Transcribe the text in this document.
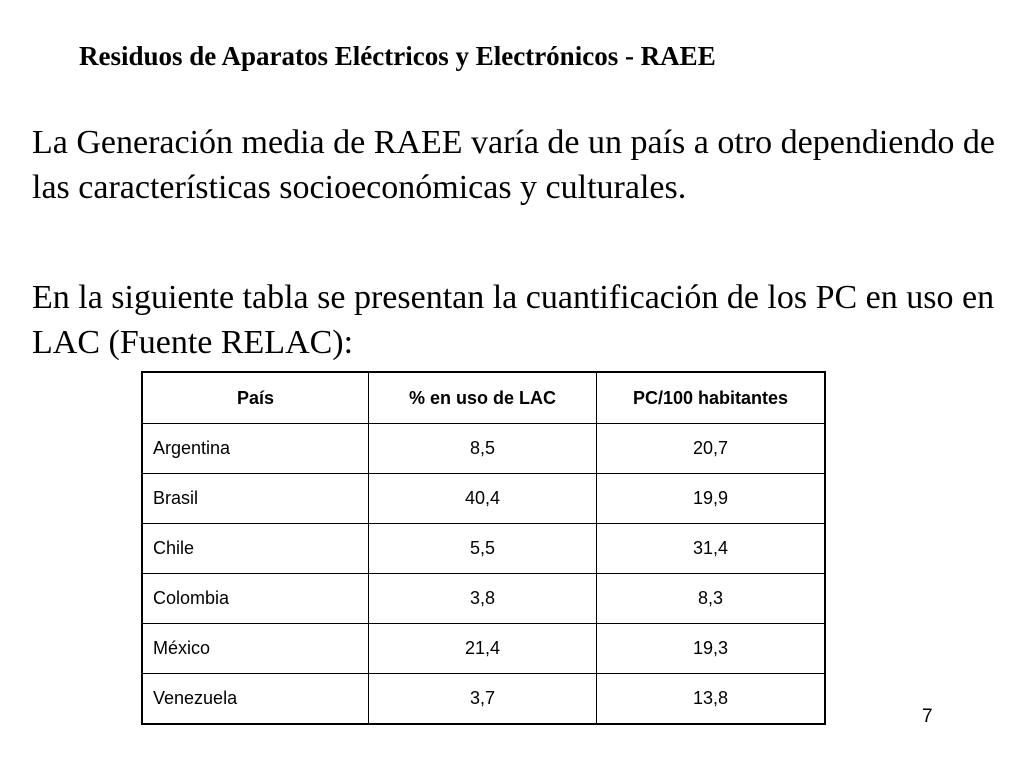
Residuos de Aparatos Eléctricos y Electrónicos - RAEE

La Generación media de RAEE varía de un país a otro dependiendo de las características socioeconómicas y culturales.

En la siguiente tabla se presentan la cuantificación de los PC en uso en LAC (Fuente RELAC):

País	% en uso de LAC	PC/100 habitantes
Argentina	8,5	20,7
Brasil	40,4	19,9
Chile	5,5	31,4
Colombia	3,8	8,3
México	21,4	19,3
Venezuela	3,7	13,8
7
